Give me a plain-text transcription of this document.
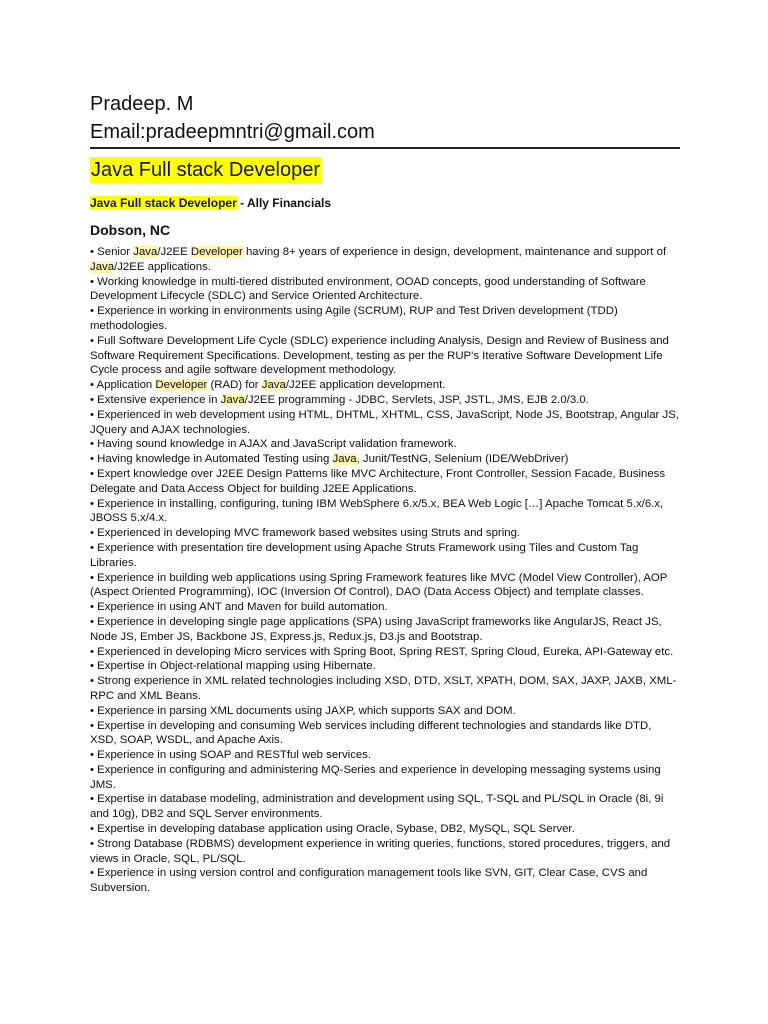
Pradeep. M
Email:pradeepmntri@gmail.com
Java Full stack Developer
Java Full stack Developer - Ally Financials
Dobson, NC
• Senior Java/J2EE Developer having 8+ years of experience in design, development, maintenance and support of Java/J2EE applications.
• Working knowledge in multi-tiered distributed environment, OOAD concepts, good understanding of Software Development Lifecycle (SDLC) and Service Oriented Architecture.
• Experience in working in environments using Agile (SCRUM), RUP and Test Driven development (TDD) methodologies.
• Full Software Development Life Cycle (SDLC) experience including Analysis, Design and Review of Business and Software Requirement Specifications. Development, testing as per the RUP's Iterative Software Development Life Cycle process and agile software development methodology.
• Application Developer (RAD) for Java/J2EE application development.
• Extensive experience in Java/J2EE programming - JDBC, Servlets, JSP, JSTL, JMS, EJB 2.0/3.0.
• Experienced in web development using HTML, DHTML, XHTML, CSS, JavaScript, Node JS, Bootstrap, Angular JS, JQuery and AJAX technologies.
• Having sound knowledge in AJAX and JavaScript validation framework.
• Having knowledge in Automated Testing using Java, Junit/TestNG, Selenium (IDE/WebDriver)
• Expert knowledge over J2EE Design Patterns like MVC Architecture, Front Controller, Session Facade, Business Delegate and Data Access Object for building J2EE Applications.
• Experience in installing, configuring, tuning IBM WebSphere 6.x/5.x, BEA Web Logic […] Apache Tomcat 5.x/6.x, JBOSS 5.x/4.x.
• Experienced in developing MVC framework based websites using Struts and spring.
• Experience with presentation tire development using Apache Struts Framework using Tiles and Custom Tag Libraries.
• Experience in building web applications using Spring Framework features like MVC (Model View Controller), AOP (Aspect Oriented Programming), IOC (Inversion Of Control), DAO (Data Access Object) and template classes.
• Experience in using ANT and Maven for build automation.
• Experience in developing single page applications (SPA) using JavaScript frameworks like AngularJS, React JS, Node JS, Ember JS, Backbone JS, Express.js, Redux.js, D3.js and Bootstrap.
• Experienced in developing Micro services with Spring Boot, Spring REST, Spring Cloud, Eureka, API-Gateway etc.
• Expertise in Object-relational mapping using Hibernate.
• Strong experience in XML related technologies including XSD, DTD, XSLT, XPATH, DOM, SAX, JAXP, JAXB, XML-RPC and XML Beans.
• Experience in parsing XML documents using JAXP, which supports SAX and DOM.
• Expertise in developing and consuming Web services including different technologies and standards like DTD, XSD, SOAP, WSDL, and Apache Axis.
• Experience in using SOAP and RESTful web services.
• Experience in configuring and administering MQ-Series and experience in developing messaging systems using JMS.
• Expertise in database modeling, administration and development using SQL, T-SQL and PL/SQL in Oracle (8i, 9i and 10g), DB2 and SQL Server environments.
• Expertise in developing database application using Oracle, Sybase, DB2, MySQL, SQL Server.
• Strong Database (RDBMS) development experience in writing queries, functions, stored procedures, triggers, and views in Oracle, SQL, PL/SQL.
• Experience in using version control and configuration management tools like SVN, GIT, Clear Case, CVS and Subversion.
